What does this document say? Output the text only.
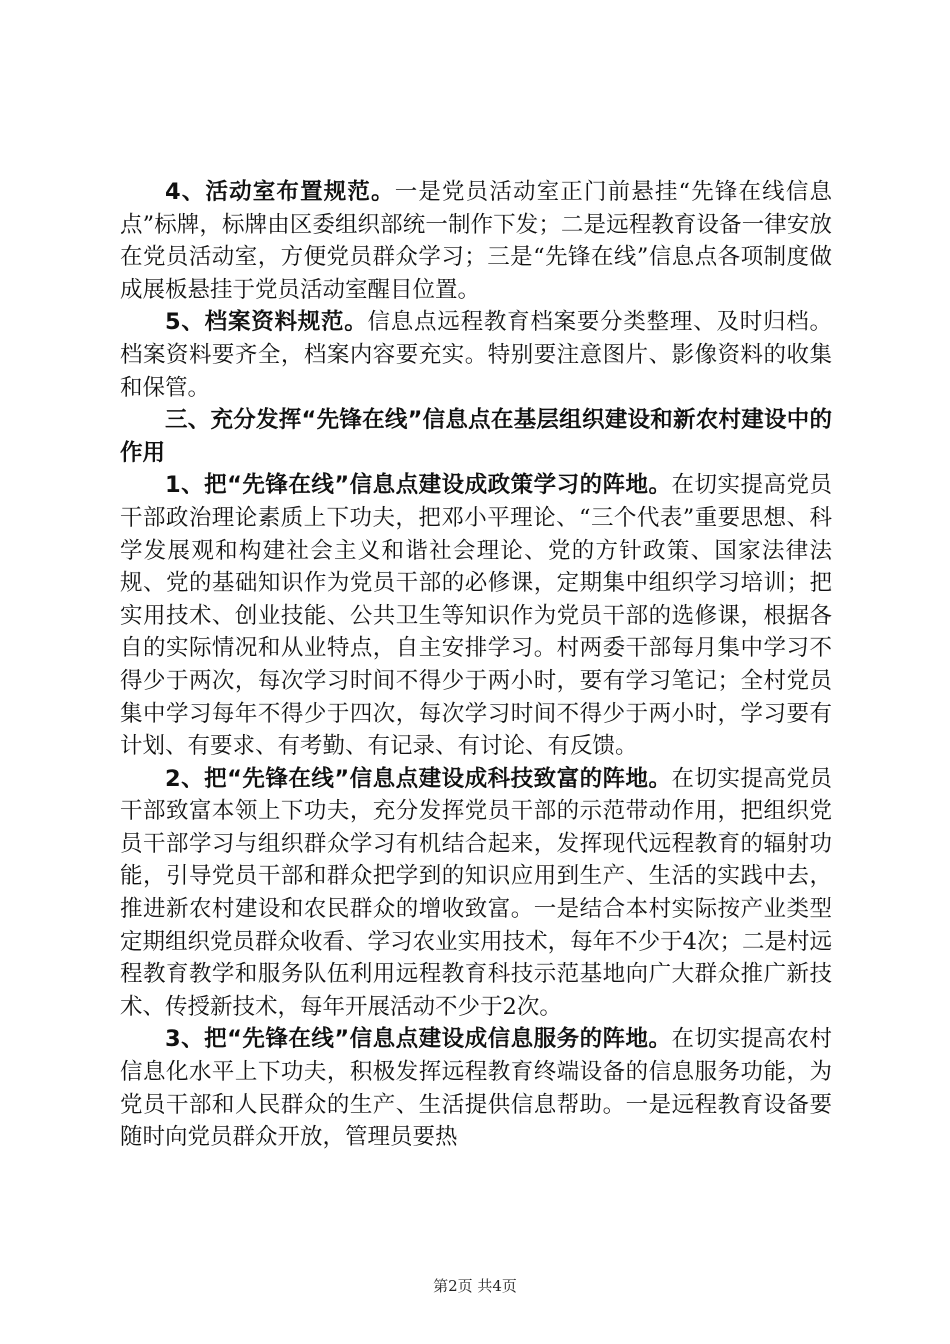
4、活动室布置规范。一是党员活动室正门前悬挂“先锋在线信息点”标牌，标牌由区委组织部统一制作下发；二是远程教育设备一律安放在党员活动室，方便党员群众学习；三是“先锋在线”信息点各项制度做成展板悬挂于党员活动室醒目位置。

5、档案资料规范。信息点远程教育档案要分类整理、及时归档。档案资料要齐全，档案内容要充实。特别要注意图片、影像资料的收集和保管。

三、充分发挥“先锋在线”信息点在基层组织建设和新农村建设中的作用

1、把“先锋在线”信息点建设成政策学习的阵地。在切实提高党员干部政治理论素质上下功夫，把邓小平理论、“三个代表”重要思想、科学发展观和构建社会主义和谐社会理论、党的方针政策、国家法律法规、党的基础知识作为党员干部的必修课，定期集中组织学习培训；把实用技术、创业技能、公共卫生等知识作为党员干部的选修课，根据各自的实际情况和从业特点，自主安排学习。村两委干部每月集中学习不得少于两次，每次学习时间不得少于两小时，要有学习笔记；全村党员集中学习每年不得少于四次，每次学习时间不得少于两小时，学习要有计划、有要求、有考勤、有记录、有讨论、有反馈。

2、把“先锋在线”信息点建设成科技致富的阵地。在切实提高党员干部致富本领上下功夫，充分发挥党员干部的示范带动作用，把组织党员干部学习与组织群众学习有机结合起来，发挥现代远程教育的辐射功能，引导党员干部和群众把学到的知识应用到生产、生活的实践中去，推进新农村建设和农民群众的增收致富。一是结合本村实际按产业类型定期组织党员群众收看、学习农业实用技术，每年不少于4次；二是村远程教育教学和服务队伍利用远程教育科技示范基地向广大群众推广新技术、传授新技术，每年开展活动不少于2次。

3、把“先锋在线”信息点建设成信息服务的阵地。在切实提高农村信息化水平上下功夫，积极发挥远程教育终端设备的信息服务功能，为党员干部和人民群众的生产、生活提供信息帮助。一是远程教育设备要随时向党员群众开放，管理员要热

第2页 共4页
